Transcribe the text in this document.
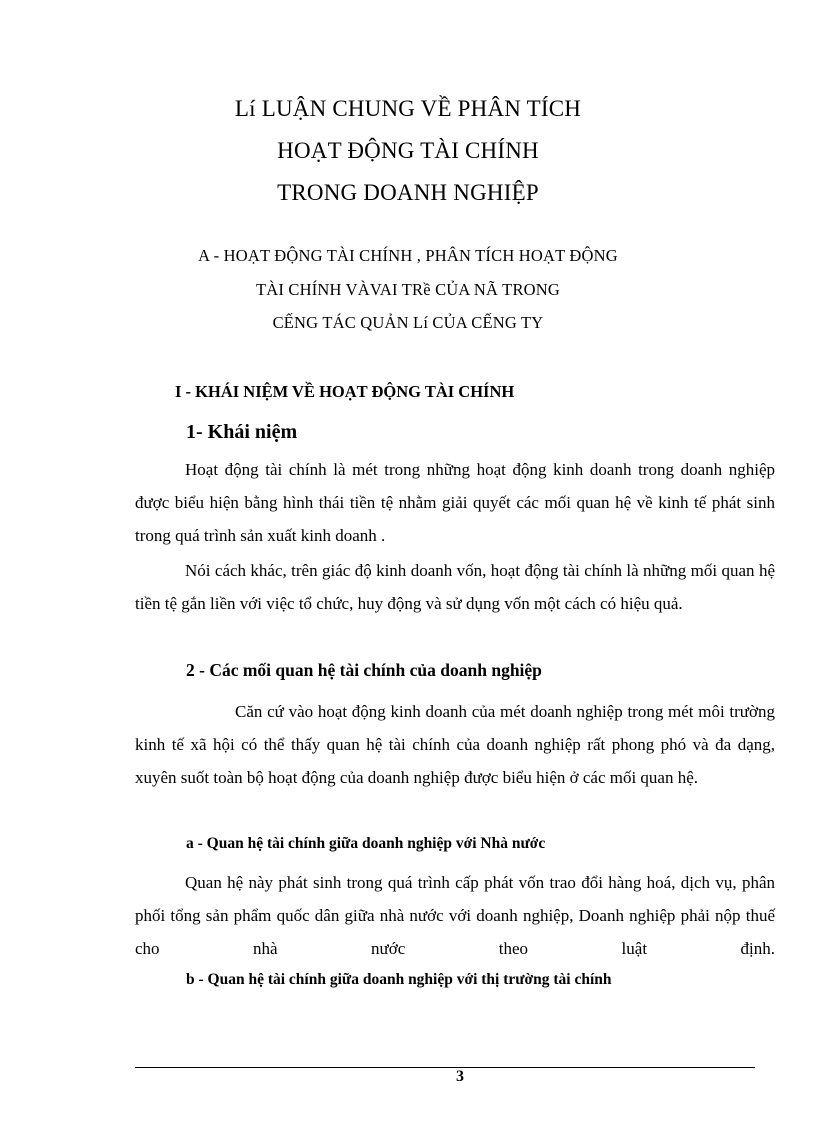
Lí LUẬN CHUNG VỀ PHÂN TÍCH
HOẠT ĐỘNG TÀI CHÍNH
TRONG DOANH NGHIỆP
A - HOẠT ĐỘNG TÀI CHÍNH , PHÂN TÍCH HOẠT ĐỘNG
TÀI CHÍNH VÀVAI TRề CỦA NÃ TRONG
CẾNG TÁC QUẢN Lí CỦA CẾNG TY
I - KHÁI NIỆM VỀ HOẠT ĐỘNG TÀI CHÍNH
1- Khái niệm
Hoạt động tài chính là mét trong những hoạt động kinh doanh trong doanh nghiệp được biểu hiện bằng hình thái tiền tệ nhằm giải quyết các mối quan hệ về kinh tế phát sinh trong quá trình sản xuất kinh doanh .
Nói cách khác, trên giác độ kinh doanh vốn, hoạt động tài chính là những mối quan hệ tiền tệ gắn liền với việc tổ chức, huy động và sử dụng vốn một cách có hiệu quả.
2 - Các mối quan hệ tài chính của doanh nghiệp
Căn cứ vào hoạt động kinh doanh của mét doanh nghiệp trong mét môi trường kinh tế xã hội có thể thấy quan hệ tài chính của doanh nghiệp rất phong phó và đa dạng, xuyên suốt toàn bộ hoạt động của doanh nghiệp được biểu hiện ở các mối quan hệ.
a - Quan hệ tài chính giữa doanh nghiệp với Nhà nước
Quan hệ này phát sinh trong quá trình cấp phát vốn trao đổi hàng hoá, dịch vụ, phân phối tổng sản phẩm quốc dân giữa nhà nước với doanh nghiệp, Doanh nghiệp phải nộp thuế cho nhà nước theo luật định.
b - Quan hệ tài chính giữa doanh nghiệp với thị trường tài chính
3
